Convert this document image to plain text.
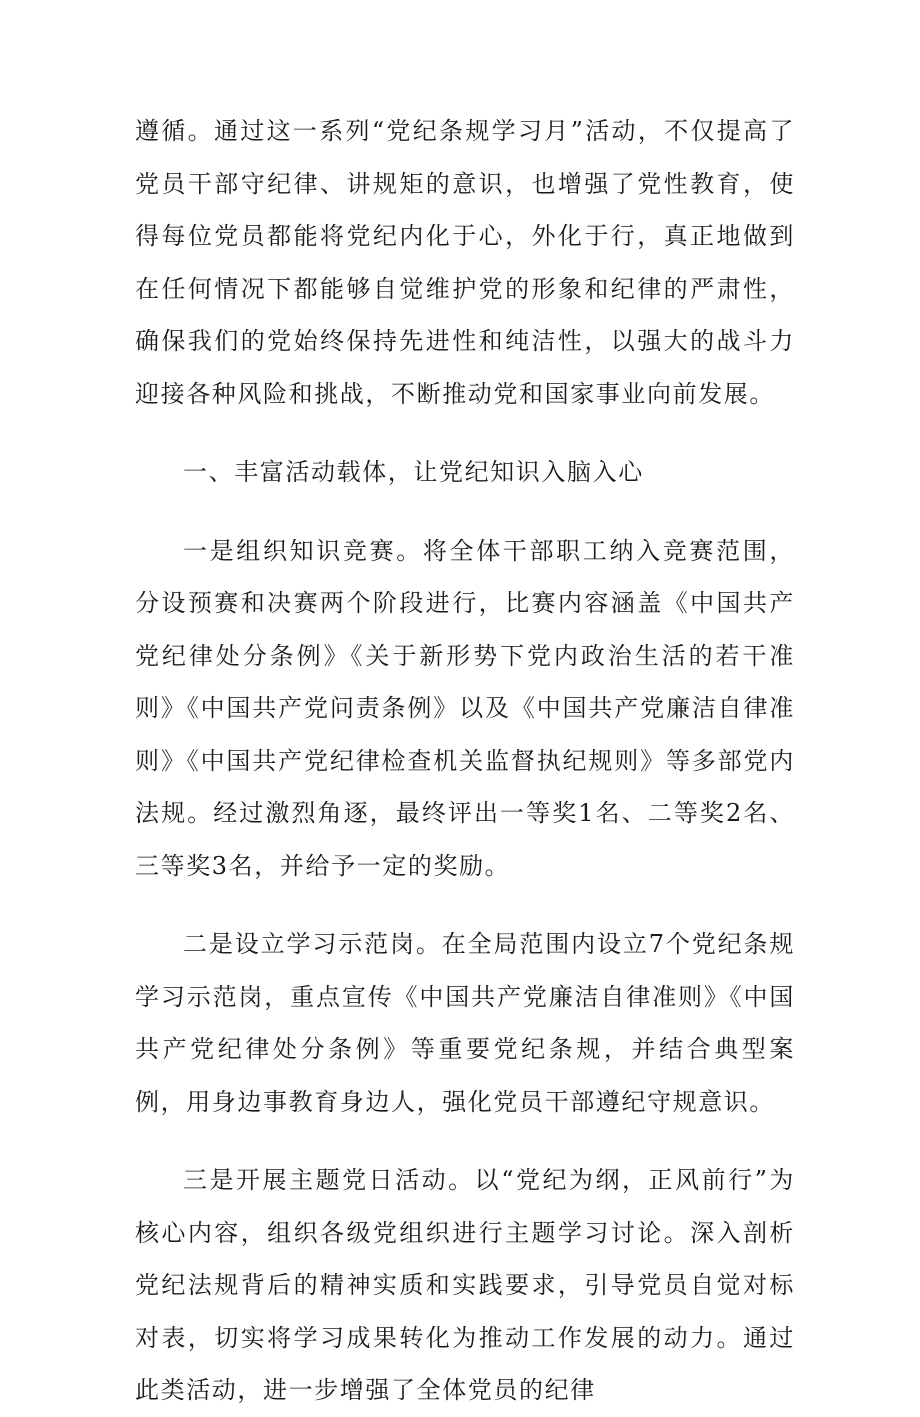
遵循。通过这一系列“党纪条规学习月”活动，不仅提高了党员干部守纪律、讲规矩的意识，也增强了党性教育，使得每位党员都能将党纪内化于心，外化于行，真正地做到在任何情况下都能够自觉维护党的形象和纪律的严肃性，确保我们的党始终保持先进性和纯洁性，以强大的战斗力迎接各种风险和挑战，不断推动党和国家事业向前发展。

一、丰富活动载体，让党纪知识入脑入心

一是组织知识竞赛。将全体干部职工纳入竞赛范围，分设预赛和决赛两个阶段进行，比赛内容涵盖《中国共产党纪律处分条例》《关于新形势下党内政治生活的若干准则》《中国共产党问责条例》以及《中国共产党廉洁自律准则》《中国共产党纪律检查机关监督执纪规则》等多部党内法规。经过激烈角逐，最终评出一等奖1名、二等奖2名、三等奖3名，并给予一定的奖励。

二是设立学习示范岗。在全局范围内设立7个党纪条规学习示范岗，重点宣传《中国共产党廉洁自律准则》《中国共产党纪律处分条例》等重要党纪条规，并结合典型案例，用身边事教育身边人，强化党员干部遵纪守规意识。

三是开展主题党日活动。以“党纪为纲，正风前行”为核心内容，组织各级党组织进行主题学习讨论。深入剖析党纪法规背后的精神实质和实践要求，引导党员自觉对标对表，切实将学习成果转化为推动工作发展的动力。通过此类活动，进一步增强了全体党员的纪律
